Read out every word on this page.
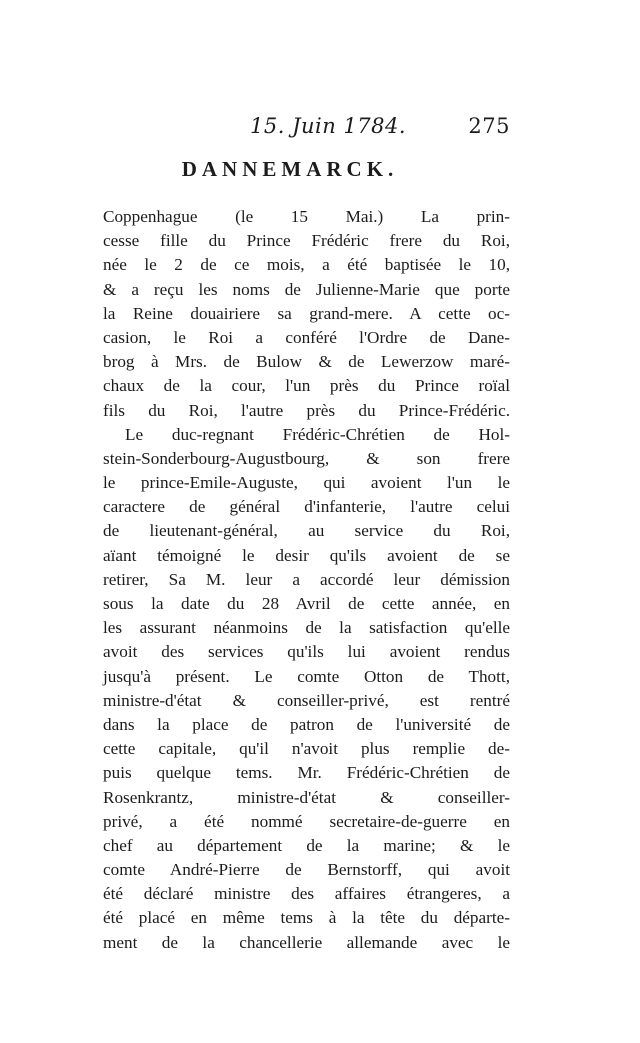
15. Juin 1784.	275
DANNEMARCK.
Coppenhague (le 15 Mai.) La prin-
cesse fille du Prince Frédéric frere du Roi,
née le 2 de ce mois, a été baptisée le 10,
& a reçu les noms de Julienne-Marie que porte
la Reine douairiere sa grand-mere. A cette oc-
casion, le Roi a conféré l'Ordre de Dane-
brog à Mrs. de Bulow & de Lewerzow maré-
chaux de la cour, l'un près du Prince roïal
fils du Roi, l'autre près du Prince-Frédéric.
Le duc-regnant Frédéric-Chrétien de Hol-
stein-Sonderbourg-Augustbourg, & son frere
le prince-Emile-Auguste, qui avoient l'un le
caractere de général d'infanterie, l'autre celui
de lieutenant-général, au service du Roi,
aïant témoigné le desir qu'ils avoient de se
retirer, Sa M. leur a accordé leur démission
sous la date du 28 Avril de cette année, en
les assurant néanmoins de la satisfaction qu'elle
avoit des services qu'ils lui avoient rendus
jusqu'à présent. Le comte Otton de Thott,
ministre-d'état & conseiller-privé, est rentré
dans la place de patron de l'université de
cette capitale, qu'il n'avoit plus remplie de-
puis quelque tems. Mr. Frédéric-Chrétien de
Rosenkrantz, ministre-d'état & conseiller-
privé, a été nommé secretaire-de-guerre en
chef au département de la marine; & le
comte André-Pierre de Bernstorff, qui avoit
été déclaré ministre des affaires étrangeres, a
été placé en même tems à la tête du départe-
ment de la chancellerie allemande avec le
